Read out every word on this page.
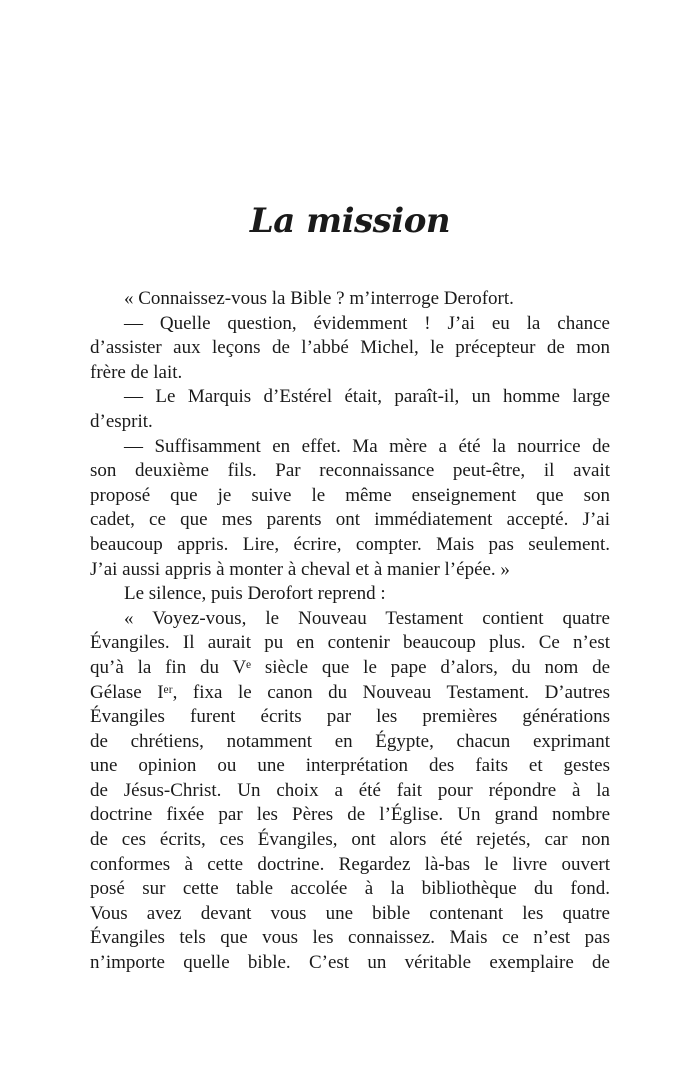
La mission

« Connaissez-vous la Bible ? m’interroge Derofort.

— Quelle question, évidemment ! J’ai eu la chance
d’assister aux leçons de l’abbé Michel, le précepteur de mon
frère de lait.

— Le Marquis d’Estérel était, paraît-il, un homme large
d’esprit.

— Suffisamment en effet. Ma mère a été la nourrice de
son deuxième fils. Par reconnaissance peut-être, il avait
proposé que je suive le même enseignement que son
cadet, ce que mes parents ont immédiatement accepté. J’ai
beaucoup appris. Lire, écrire, compter. Mais pas seulement.
J’ai aussi appris à monter à cheval et à manier l’épée. »

Le silence, puis Derofort reprend :

« Voyez-vous, le Nouveau Testament contient quatre
Évangiles. Il aurait pu en contenir beaucoup plus. Ce n’est
qu’à la fin du Vᵉ siècle que le pape d’alors, du nom de
Gélase Iᵉʳ, fixa le canon du Nouveau Testament. D’autres
Évangiles furent écrits par les premières générations
de chrétiens, notamment en Égypte, chacun exprimant
une opinion ou une interprétation des faits et gestes
de Jésus-Christ. Un choix a été fait pour répondre à la
doctrine fixée par les Pères de l’Église. Un grand nombre
de ces écrits, ces Évangiles, ont alors été rejetés, car non
conformes à cette doctrine. Regardez là-bas le livre ouvert
posé sur cette table accolée à la bibliothèque du fond.
Vous avez devant vous une bible contenant les quatre
Évangiles tels que vous les connaissez. Mais ce n’est pas
n’importe quelle bible. C’est un véritable exemplaire de
